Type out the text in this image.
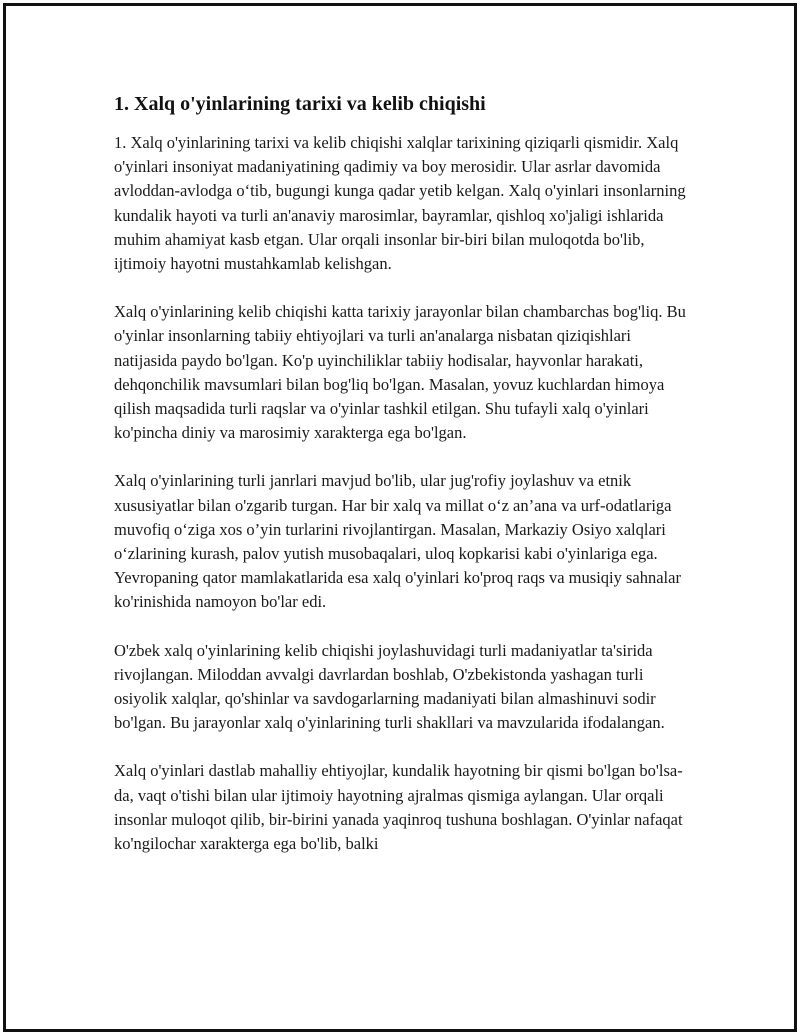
1. Xalq o'yinlarining tarixi va kelib chiqishi

1. Xalq o'yinlarining tarixi va kelib chiqishi xalqlar tarixining qiziqarli qismidir. Xalq o'yinlari insoniyat madaniyatining qadimiy va boy merosidir. Ular asrlar davomida avloddan-avlodga o‘tib, bugungi kunga qadar yetib kelgan. Xalq o'yinlari insonlarning kundalik hayoti va turli an'anaviy marosimlar, bayramlar, qishloq xo'jaligi ishlarida muhim ahamiyat kasb etgan. Ular orqali insonlar bir-biri bilan muloqotda bo'lib, ijtimoiy hayotni mustahkamlab kelishgan.

Xalq o'yinlarining kelib chiqishi katta tarixiy jarayonlar bilan chambarchas bog'liq. Bu o'yinlar insonlarning tabiiy ehtiyojlari va turli an'analarga nisbatan qiziqishlari natijasida paydo bo'lgan. Ko'p uyinchiliklar tabiiy hodisalar, hayvonlar harakati, dehqonchilik mavsumlari bilan bog'liq bo'lgan. Masalan, yovuz kuchlardan himoya qilish maqsadida turli raqslar va o'yinlar tashkil etilgan. Shu tufayli xalq o'yinlari ko'pincha diniy va marosimiy xarakterga ega bo'lgan.

Xalq o'yinlarining turli janrlari mavjud bo'lib, ular jug'rofiy joylashuv va etnik xususiyatlar bilan o'zgarib turgan. Har bir xalq va millat o‘z an’ana va urf-odatlariga muvofiq o‘ziga xos o’yin turlarini rivojlantirgan. Masalan, Markaziy Osiyo xalqlari o‘zlarining kurash, palov yutish musobaqalari, uloq kopkarisi kabi o'yinlariga ega. Yevropaning qator mamlakatlarida esa xalq o'yinlari ko'proq raqs va musiqiy sahnalar ko'rinishida namoyon bo'lar edi.

O'zbek xalq o'yinlarining kelib chiqishi joylashuvidagi turli madaniyatlar ta'sirida rivojlangan. Miloddan avvalgi davrlardan boshlab, O'zbekistonda yashagan turli osiyolik xalqlar, qo'shinlar va savdogarlarning madaniyati bilan almashinuvi sodir bo'lgan. Bu jarayonlar xalq o'yinlarining turli shakllari va mavzularida ifodalangan.

Xalq o'yinlari dastlab mahalliy ehtiyojlar, kundalik hayotning bir qismi bo'lgan bo'lsa-da, vaqt o'tishi bilan ular ijtimoiy hayotning ajralmas qismiga aylangan. Ular orqali insonlar muloqot qilib, bir-birini yanada yaqinroq tushuna boshlagan. O'yinlar nafaqat ko'ngilochar xarakterga ega bo'lib, balki
